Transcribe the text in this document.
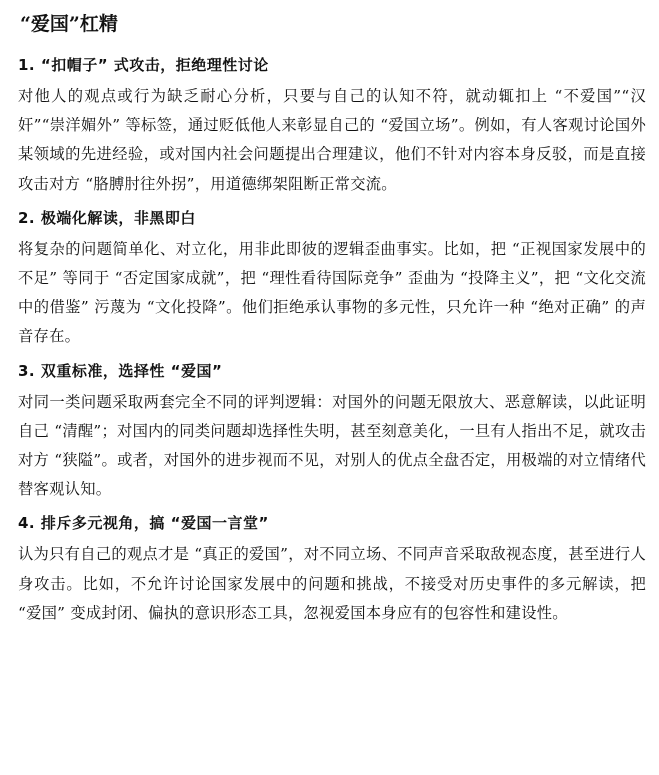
“爱国”杠精
1. “扣帽子” 式攻击，拒绝理性讨论
对他人的观点或行为缺乏耐心分析，只要与自己的认知不符，就动辄扣上 “不爱国”“汉奸”“崇洋媚外” 等标签，通过贬低他人来彰显自己的 “爱国立场”。例如，有人客观讨论国外某领域的先进经验，或对国内社会问题提出合理建议，他们不针对内容本身反驳，而是直接攻击对方 “胳膊肘往外拐”，用道德绑架阻断正常交流。
2. 极端化解读，非黑即白
将复杂的问题简单化、对立化，用非此即彼的逻辑歪曲事实。比如，把 “正视国家发展中的不足” 等同于 “否定国家成就”，把 “理性看待国际竞争” 歪曲为 “投降主义”，把 “文化交流中的借鉴” 污蔑为 “文化投降”。他们拒绝承认事物的多元性，只允许一种 “绝对正确” 的声音存在。
3. 双重标准，选择性 “爱国”
对同一类问题采取两套完全不同的评判逻辑：对国外的问题无限放大、恶意解读，以此证明自己 “清醒”；对国内的同类问题却选择性失明，甚至刻意美化，一旦有人指出不足，就攻击对方 “狭隘”。或者，对国外的进步视而不见，对别人的优点全盘否定，用极端的对立情绪代替客观认知。
4. 排斥多元视角，搞 “爱国一言堂”
认为只有自己的观点才是 “真正的爱国”，对不同立场、不同声音采取敌视态度，甚至进行人身攻击。比如，不允许讨论国家发展中的问题和挑战，不接受对历史事件的多元解读，把 “爱国” 变成封闭、偏执的意识形态工具，忽视爱国本身应有的包容性和建设性。
